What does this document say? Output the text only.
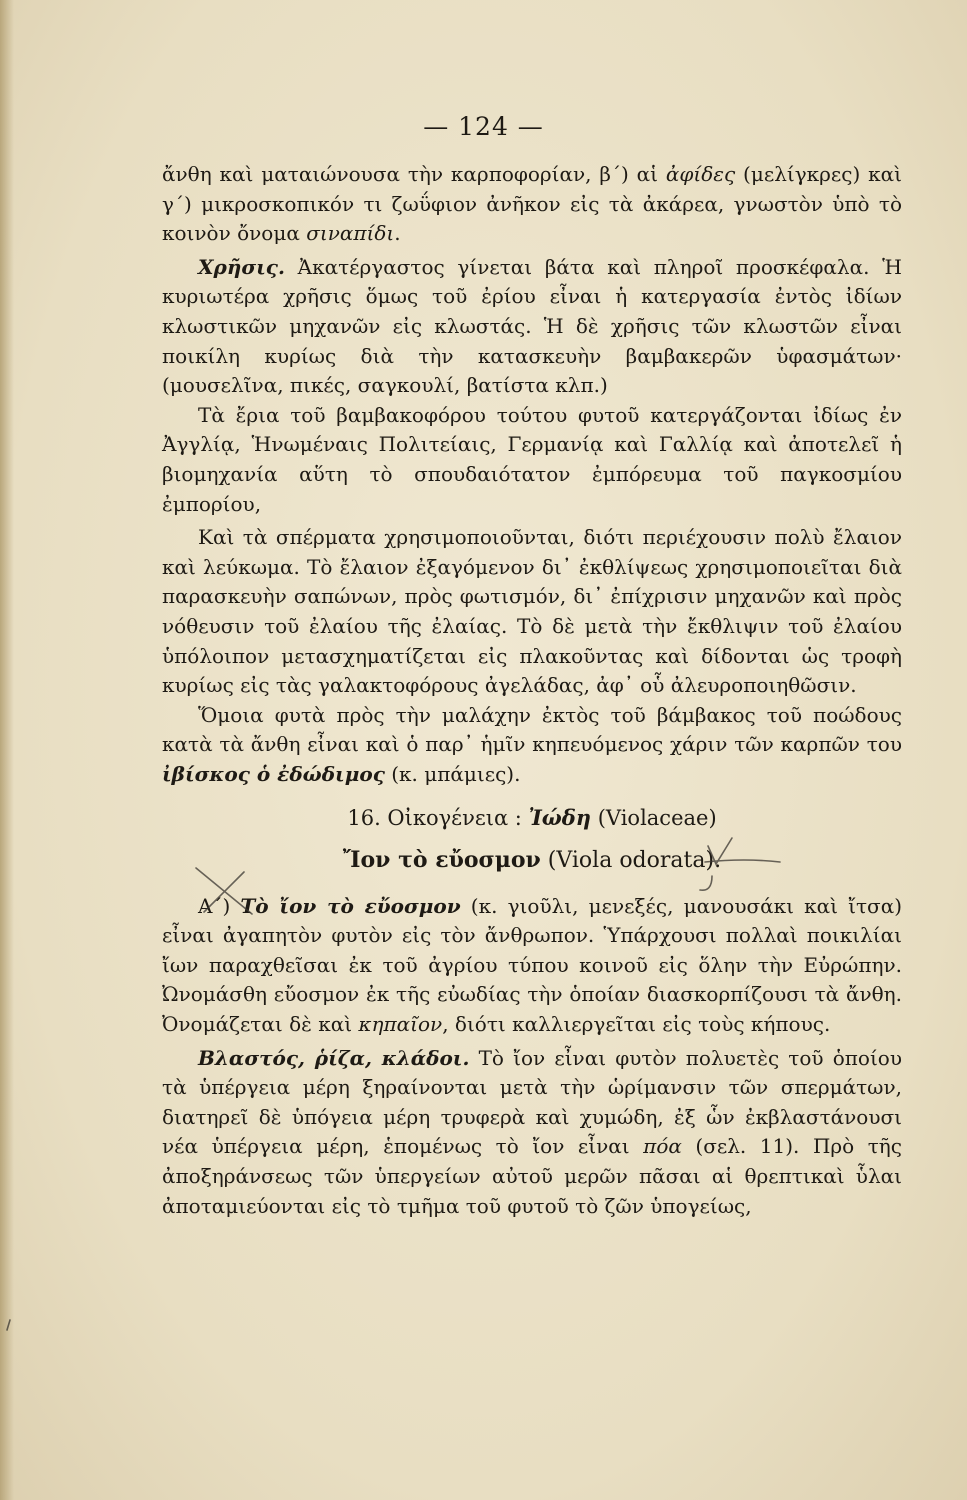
— 124 —

ἄνθη καὶ ματαιώνουσα τὴν καρποφορίαν, β΄) αἱ ἀφίδες (μελίγκρες) καὶ γ΄) μικροσκοπικόν τι ζωΰφιον ἀνῆκον εἰς τὰ ἀκάρεα, γνωστὸν ὑπὸ τὸ κοινὸν ὄνομα σιναπίδι.

Χρῆσις. Ἀκατέργαστος γίνεται βάτα καὶ πληροῖ προσκέφαλα. Ἡ κυριωτέρα χρῆσις ὅμως τοῦ ἐρίου εἶναι ἡ κατεργασία ἐντὸς ἰδίων κλωστικῶν μηχανῶν εἰς κλωστάς. Ἡ δὲ χρῆσις τῶν κλωστῶν εἶναι ποικίλη κυρίως διὰ τὴν κατασκευὴν βαμβακερῶν ὑφασμάτων· (μουσελῖνα, πικές, σαγκουλί, βατίστα κλπ.)

Τὰ ἔρια τοῦ βαμβακοφόρου τούτου φυτοῦ κατεργάζονται ἰδίως ἐν Ἀγγλίᾳ, Ἡνωμέναις Πολιτείαις, Γερμανίᾳ καὶ Γαλλίᾳ καὶ ἀποτελεῖ ἡ βιομηχανία αὕτη τὸ σπουδαιότατον ἐμπόρευμα τοῦ παγκοσμίου ἐμπορίου,

Καὶ τὰ σπέρματα χρησιμοποιοῦνται, διότι περιέχουσιν πολὺ ἔλαιον καὶ λεύκωμα. Τὸ ἔλαιον ἐξαγόμενον δι᾽ ἐκθλίψεως χρησιμοποιεῖται διὰ παρασκευὴν σαπώνων, πρὸς φωτισμόν, δι᾽ ἐπίχρισιν μηχανῶν καὶ πρὸς νόθευσιν τοῦ ἐλαίου τῆς ἐλαίας. Τὸ δὲ μετὰ τὴν ἔκθλιψιν τοῦ ἐλαίου ὑπόλοιπον μετασχηματίζεται εἰς πλακοῦντας καὶ δίδονται ὡς τροφὴ κυρίως εἰς τὰς γαλακτοφόρους ἀγελάδας, ἀφ᾽ οὗ ἀλευροποιηθῶσιν.

Ὅμοια φυτὰ πρὸς τὴν μαλάχην ἐκτὸς τοῦ βάμβακος τοῦ ποώδους κατὰ τὰ ἄνθη εἶναι καὶ ὁ παρ᾽ ἡμῖν κηπευόμενος χάριν τῶν καρπῶν του ἰβίσκος ὁ ἐδώδιμος (κ. μπάμιες).

16. Οἰκογένεια : Ἰώδη (Violaceae)

Ἴον τὸ εὔοσμον (Viola odorata).

Α΄) Τὸ ἴον τὸ εὔοσμον (κ. γιοῦλι, μενεξές, μανουσάκι καὶ ἴτσα) εἶναι ἀγαπητὸν φυτὸν εἰς τὸν ἄνθρωπον. Ὑπάρχουσι πολλαὶ ποικιλίαι ἴων παραχθεῖσαι ἐκ τοῦ ἀγρίου τύπου κοινοῦ εἰς ὅλην τὴν Εὐρώπην. Ὠνομάσθη εὔοσμον ἐκ τῆς εὐωδίας τὴν ὁποίαν διασκορπίζουσι τὰ ἄνθη. Ὀνομάζεται δὲ καὶ κηπαῖον, διότι καλλιεργεῖται εἰς τοὺς κήπους.

Βλαστός, ῥίζα, κλάδοι. Τὸ ἴον εἶναι φυτὸν πολυετὲς τοῦ ὁποίου τὰ ὑπέργεια μέρη ξηραίνονται μετὰ τὴν ὡρίμανσιν τῶν σπερμάτων, διατηρεῖ δὲ ὑπόγεια μέρη τρυφερὰ καὶ χυμώδη, ἐξ ὧν ἐκβλαστάνουσι νέα ὑπέργεια μέρη, ἑπομένως τὸ ἴον εἶναι πόα (σελ. 11). Πρὸ τῆς ἀποξηράνσεως τῶν ὑπεργείων αὐτοῦ μερῶν πᾶσαι αἱ θρεπτικαὶ ὗλαι ἀποταμιεύονται εἰς τὸ τμῆμα τοῦ φυτοῦ τὸ ζῶν ὑπογείως,
